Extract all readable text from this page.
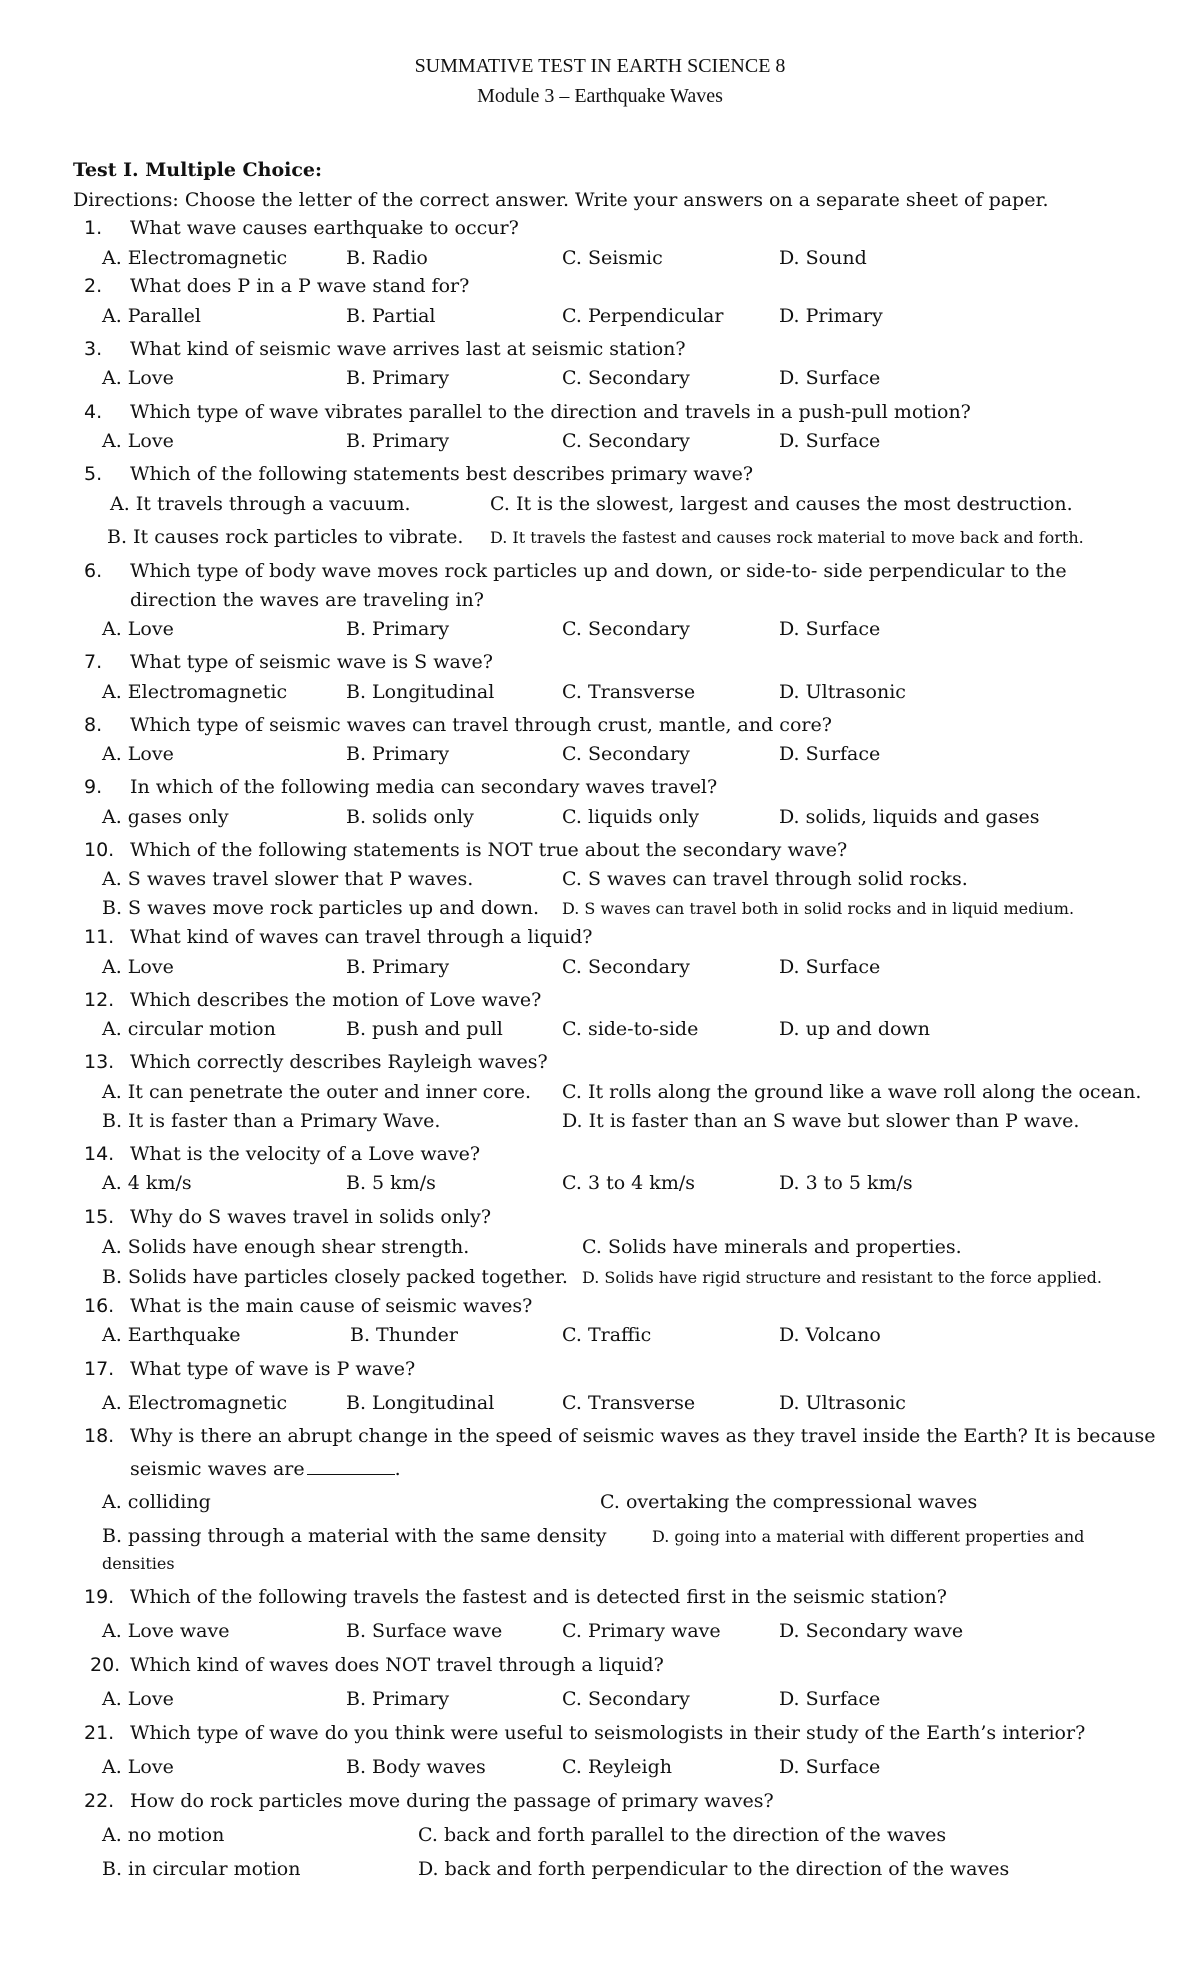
SUMMATIVE TEST IN EARTH SCIENCE 8
Module 3 – Earthquake Waves
Test I. Multiple Choice:
Directions: Choose the letter of the correct answer. Write your answers on a separate sheet of paper.
1. What wave causes earthquake to occur?
A. Electromagnetic	B. Radio	C. Seismic	D. Sound
2. What does P in a P wave stand for?
A. Parallel	B. Partial	C. Perpendicular	D. Primary
3. What kind of seismic wave arrives last at seismic station?
A. Love	B. Primary	C. Secondary	D. Surface
4. Which type of wave vibrates parallel to the direction and travels in a push-pull motion?
A. Love	B. Primary	C. Secondary	D. Surface
5. Which of the following statements best describes primary wave?
A. It travels through a vacuum.	C. It is the slowest, largest and causes the most destruction.
B. It causes rock particles to vibrate. D. It travels the fastest and causes rock material to move back and forth.
6. Which type of body wave moves rock particles up and down, or side-to- side perpendicular to the
direction the waves are traveling in?
A. Love	B. Primary	C. Secondary	D. Surface
7. What type of seismic wave is S wave?
A. Electromagnetic	B. Longitudinal	C. Transverse	D. Ultrasonic
8. Which type of seismic waves can travel through crust, mantle, and core?
A. Love	B. Primary	C. Secondary	D. Surface
9. In which of the following media can secondary waves travel?
A. gases only	B. solids only	C. liquids only	D. solids, liquids and gases
10. Which of the following statements is NOT true about the secondary wave?
A. S waves travel slower that P waves.	C. S waves can travel through solid rocks.
B. S waves move rock particles up and down. D. S waves can travel both in solid rocks and in liquid medium.
11. What kind of waves can travel through a liquid?
A. Love	B. Primary	C. Secondary	D. Surface
12. Which describes the motion of Love wave?
A. circular motion	B. push and pull	C. side-to-side	D. up and down
13. Which correctly describes Rayleigh waves?
A. It can penetrate the outer and inner core. C. It rolls along the ground like a wave roll along the ocean.
B. It is faster than a Primary Wave.	D. It is faster than an S wave but slower than P wave.
14. What is the velocity of a Love wave?
A. 4 km/s	B. 5 km/s	C. 3 to 4 km/s	D. 3 to 5 km/s
15. Why do S waves travel in solids only?
A. Solids have enough shear strength.	C. Solids have minerals and properties.
B. Solids have particles closely packed together. D. Solids have rigid structure and resistant to the force applied.
16. What is the main cause of seismic waves?
A. Earthquake	B. Thunder	C. Traffic	D. Volcano
17. What type of wave is P wave?
A. Electromagnetic	B. Longitudinal	C. Transverse	D. Ultrasonic
18. Why is there an abrupt change in the speed of seismic waves as they travel inside the Earth? It is because
seismic waves are	.
A. colliding	C. overtaking the compressional waves
B. passing through a material with the same density	D. going into a material with different properties and
densities
19. Which of the following travels the fastest and is detected first in the seismic station?
A. Love wave	B. Surface wave	C. Primary wave	D. Secondary wave
20. Which kind of waves does NOT travel through a liquid?
A. Love	B. Primary	C. Secondary	D. Surface
21. Which type of wave do you think were useful to seismologists in their study of the Earth’s interior?
A. Love	B. Body waves	C. Reyleigh	D. Surface
22. How do rock particles move during the passage of primary waves?
A. no motion	C. back and forth parallel to the direction of the waves
B. in circular motion	D. back and forth perpendicular to the direction of the waves
